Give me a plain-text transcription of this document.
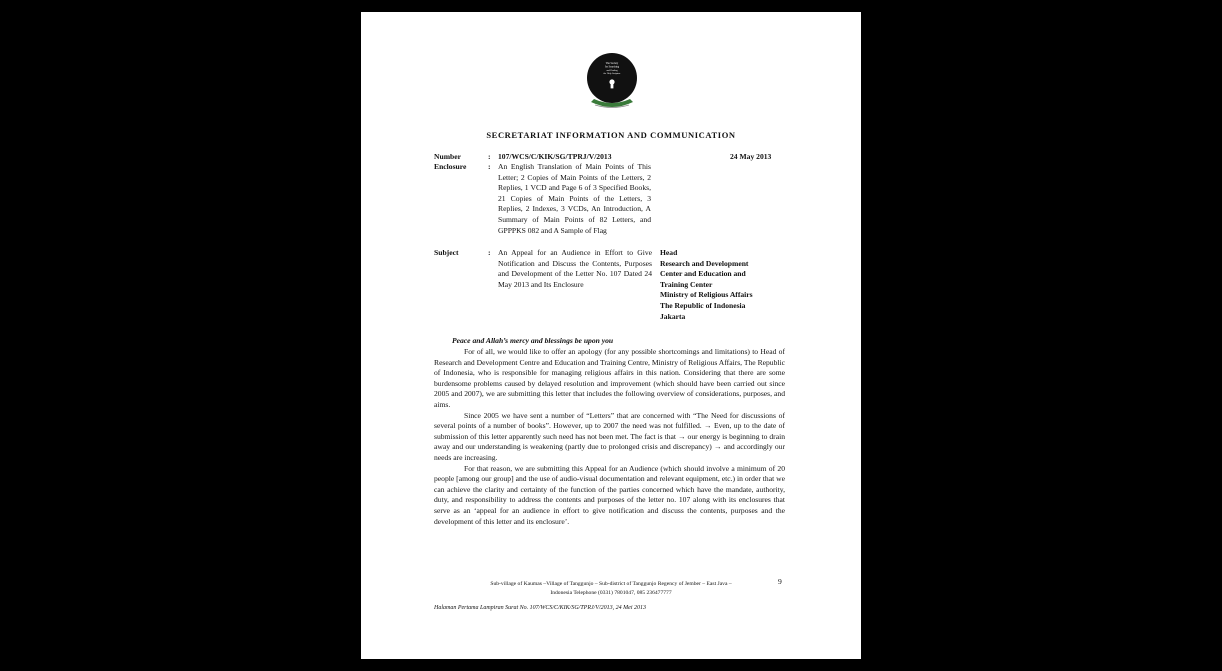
The Society
for Searching
and Finding
the Holy Scripture
SECRETARIAT INFORMATION AND COMMUNICATION
Number	: 107/WCS/C/KIK/SG/TPRJ/V/2013	24 May 2013
Enclosure	: An English Translation of Main Points of This Letter; 2 Copies of Main Points of the Letters, 2 Replies, 1 VCD and Page 6 of 3 Specified Books, 21 Copies of Main Points of the Letters, 3 Replies, 2 Indexes, 3 VCDs, An Introduction, A Summary of Main Points of 82 Letters, and GPPPKS 082 and A Sample of Flag

Subject	: An Appeal for an Audience in Effort to Give Notification and Discuss the Contents, Purposes and Development of the Letter No. 107 Dated 24 May 2013 and Its Enclosure

Head
Research and Development
Center and Education and
Training Center
Ministry of Religious Affairs
The Republic of Indonesia
Jakarta
Peace and Allah’s mercy and blessings be upon you

For of all, we would like to offer an apology (for any possible shortcomings and limitations) to Head of Research and Development Centre and Education and Training Centre, Ministry of Religious Affairs, The Republic of Indonesia, who is responsible for managing religious affairs in this nation. Considering that there are some burdensome problems caused by delayed resolution and improvement (which should have been carried out since 2005 and 2007), we are submitting this letter that includes the following overview of considerations, purposes, and aims.

Since 2005 we have sent a number of “Letters” that are concerned with “The Need for discussions of several points of a number of books”. However, up to 2007 the need was not fulfilled. → Even, up to the date of submission of this letter apparently such need has not been met. The fact is that → our energy is beginning to drain away and our understanding is weakening (partly due to prolonged crisis and discrepancy) → and accordingly our needs are increasing.

For that reason, we are submitting this Appeal for an Audience (which should involve a minimum of 20 people [among our group] and the use of audio-visual documentation and relevant equipment, etc.) in order that we can achieve the clarity and certainty of the function of the parties concerned which have the mandate, authority, duty, and responsibility to address the contents and purposes of the letter no. 107 along with its enclosures that serve as an ‘appeal for an audience in effort to give notification and discuss the contents, purposes and the development of this letter and its enclosure’.

Sub-village of Kaumas –Village of Tanggunjo – Sub-district of Tanggunjo Regency of Jember – East Java –
Indonesia Telephone (0331) 7801047, 085 236477777
9
Halaman Pertama Lampiran Surat No. 107/WCS/C/KIK/SG/TPRJ/V/2013, 24 Mei 2013
